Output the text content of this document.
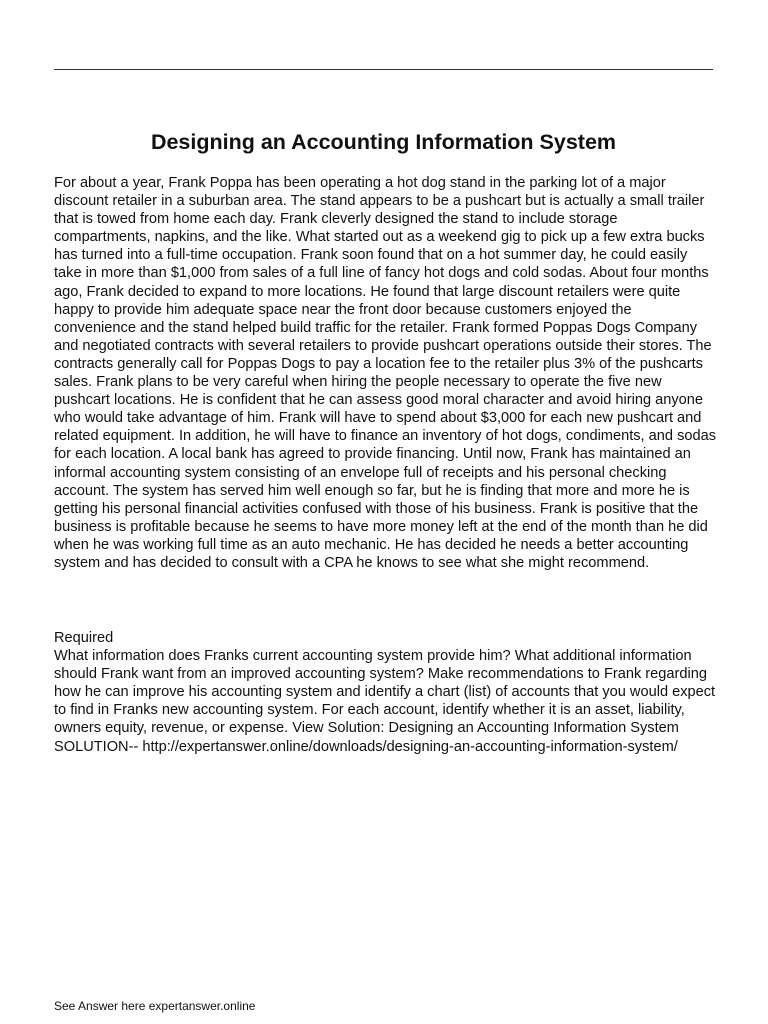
Designing an Accounting Information System

For about a year, Frank Poppa has been operating a hot dog stand in the parking lot of a major discount retailer in a suburban area. The stand appears to be a pushcart but is actually a small trailer that is towed from home each day. Frank cleverly designed the stand to include storage compartments, napkins, and the like. What started out as a weekend gig to pick up a few extra bucks has turned into a full-time occupation. Frank soon found that on a hot summer day, he could easily take in more than $1,000 from sales of a full line of fancy hot dogs and cold sodas. About four months ago, Frank decided to expand to more locations. He found that large discount retailers were quite happy to provide him adequate space near the front door because customers enjoyed the convenience and the stand helped build traffic for the retailer. Frank formed Poppas Dogs Company and negotiated contracts with several retailers to provide pushcart operations outside their stores. The contracts generally call for Poppas Dogs to pay a location fee to the retailer plus 3% of the pushcarts sales. Frank plans to be very careful when hiring the people necessary to operate the five new pushcart locations. He is confident that he can assess good moral character and avoid hiring anyone who would take advantage of him. Frank will have to spend about $3,000 for each new pushcart and related equipment. In addition, he will have to finance an inventory of hot dogs, condiments, and sodas for each location. A local bank has agreed to provide financing. Until now, Frank has maintained an informal accounting system consisting of an envelope full of receipts and his personal checking account. The system has served him well enough so far, but he is finding that more and more he is getting his personal financial activities confused with those of his business. Frank is positive that the business is profitable because he seems to have more money left at the end of the month than he did when he was working full time as an auto mechanic. He has decided he needs a better accounting system and has decided to consult with a CPA he knows to see what she might recommend.

Required

What information does Franks current accounting system provide him? What additional information should Frank want from an improved accounting system? Make recommendations to Frank regarding how he can improve his accounting system and identify a chart (list) of accounts that you would expect to find in Franks new accounting system. For each account, identify whether it is an asset, liability, owners equity, revenue, or expense. View Solution: Designing an Accounting Information System

SOLUTION-- http://expertanswer.online/downloads/designing-an-accounting-information-system/

See Answer here expertanswer.online
